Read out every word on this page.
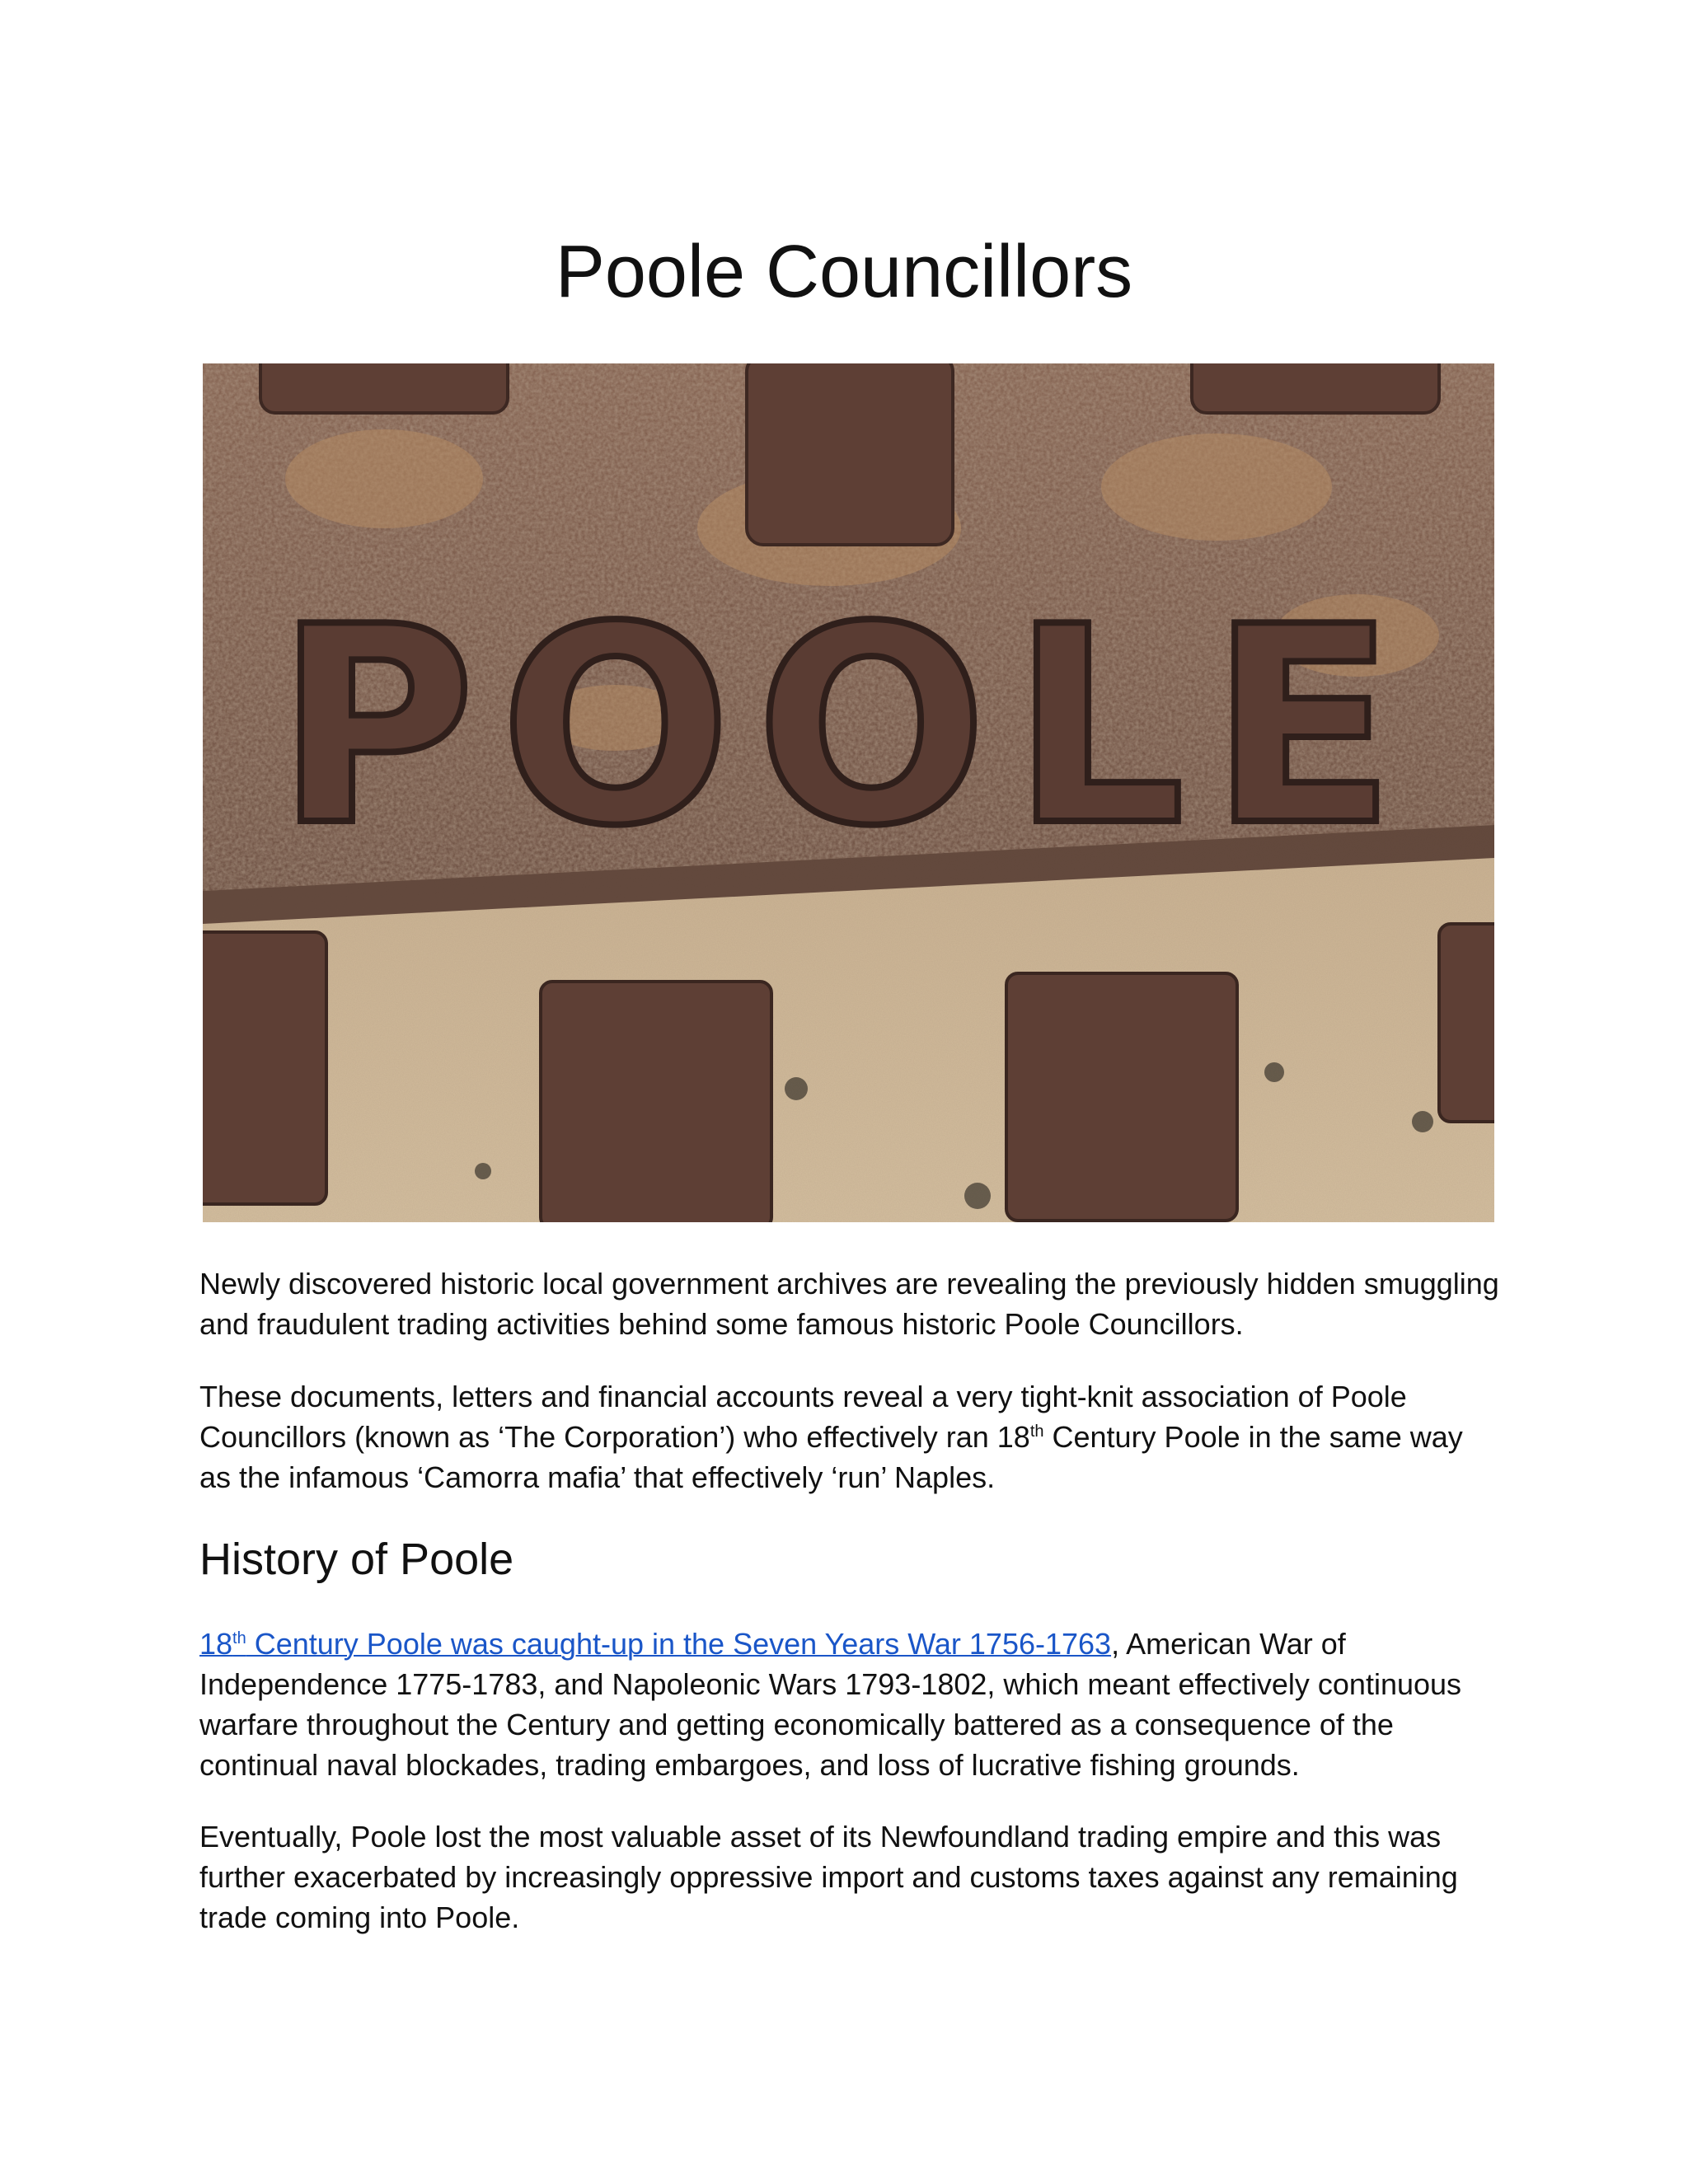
Poole Councillors
POOLE

Newly discovered historic local government archives are revealing the previously hidden smuggling and fraudulent trading activities behind some famous historic Poole Councillors.

These documents, letters and financial accounts reveal a very tight-knit association of Poole Councillors (known as ‘The Corporation’) who effectively ran 18th Century Poole in the same way as the infamous ‘Camorra mafia’ that effectively ‘run’ Naples.

History of Poole

18th Century Poole was caught-up in the Seven Years War 1756-1763, American War of Independence 1775-1783, and Napoleonic Wars 1793-1802, which meant effectively continuous warfare throughout the Century and getting economically battered as a consequence of the continual naval blockades, trading embargoes, and loss of lucrative fishing grounds.

Eventually, Poole lost the most valuable asset of its Newfoundland trading empire and this was further exacerbated by increasingly oppressive import and customs taxes against any remaining trade coming into Poole.
